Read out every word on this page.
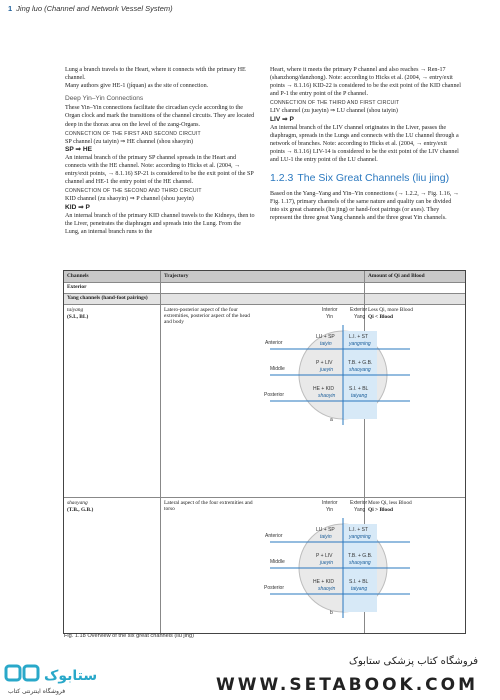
1 Jing luo (Channel and Network Vessel System)

Lung a branch travels to the Heart, where it connects with the primary HE channel.

Many authors give HE-1 (jíquan) as the site of connection.

Deep Yin–Yin Connections

These Yin–Yin connections facilitate the circadian cycle according to the Organ clock and mark the transitions of the channel circuits. They are located deep in the thorax area on the level of the zang-Organs.

CONNECTION OF THE FIRST AND SECOND CIRCUIT

SP channel (zu taiyin) ⇒ HE channel (shou shaoyin)

SP ⇒ HE

An internal branch of the primary SP channel spreads in the Heart and connects with the HE channel. Note: according to Hicks et al. (2004, → entry/exit points, → 8.1.16) SP-21 is considered to be the exit point of the SP channel and HE-1 the entry point of the HE channel.

CONNECTION OF THE SECOND AND THIRD CIRCUIT

KID channel (zu shaoyin) ⇒ P channel (shou jueyin)

KID ⇒ P

An internal branch of the primary KID channel travels to the Kidneys, then to the Liver, penetrates the diaphragm and spreads into the Lung. From the Lung, an internal branch runs to the

Heart, where it meets the primary P channel and also reaches → Ren-17 (shanzhong/danzhong). Note: according to Hicks et al. (2004, → entry/exit points → 8.1.16) KID-22 is considered to be the exit point of the KID channel and P-1 the entry point of the P channel.

CONNECTION OF THE THIRD AND FIRST CIRCUIT

LIV channel (zu jueyin) ⇒ LU channel (shou taiyin)

LIV ⇒ P

An internal branch of the LIV channel originates in the Liver, passes the diaphragm, spreads in the Lungs and connects with the LU channel through a network of branches. Note: according to Hicks et al. (2004, → entry/exit points → 8.1.16) LIV-14 is considered to be the exit point of the LIV channel and LU-1 the entry point of the LU channel.

1.2.3 The Six Great Channels (liu jing)

Based on the Yang–Yang and Yin–Yin connections (→ 1.2.2, → Fig. 1.16, → Fig. 1.17), primary channels of the same nature and quality can be divided into six great channels (liu jing) or hand-foot pairings (or axes). They represent the three great Yang channels and the three great Yin channels.

Channels	Trajectory	Amount of Qi and Blood
Exterior
Yang channels (hand-foot pairings)
taiyang
(S.I., BL)
Latero-posterior aspect of the four extremities, posterior aspect of the head and body
Less Qi, more Blood
Qi < Blood
Interior
Yin
Exterior
Yang
Anterior
Middle
Posterior
LU + SP
taiyin
P + LIV
jueyin
HE + KID
shaoyin
L.I. + ST
yangming
T.B. + G.B.
shaoyang
S.I. + BL
taiyang
a
shaoyang
(T.B., G.B.)
Lateral aspect of the four extremities and torso
More Qi, less Blood
Qi > Blood
Interior
Yin
Exterior
Yang
Anterior
Middle
Posterior
LU + SP
taiyin
P + LIV
jueyin
HE + KID
shaoyin
L.I. + ST
yangming
T.B. + G.B.
shaoyang
S.I. + BL
taiyang
b
Fig. 1.18 Overview of the six great channels (liu jing)
ستابوک
فروشگاه اینترنتی کتاب
فروشگاه کتاب پزشکی ستابوک
WWW.SETABOOK.COM
